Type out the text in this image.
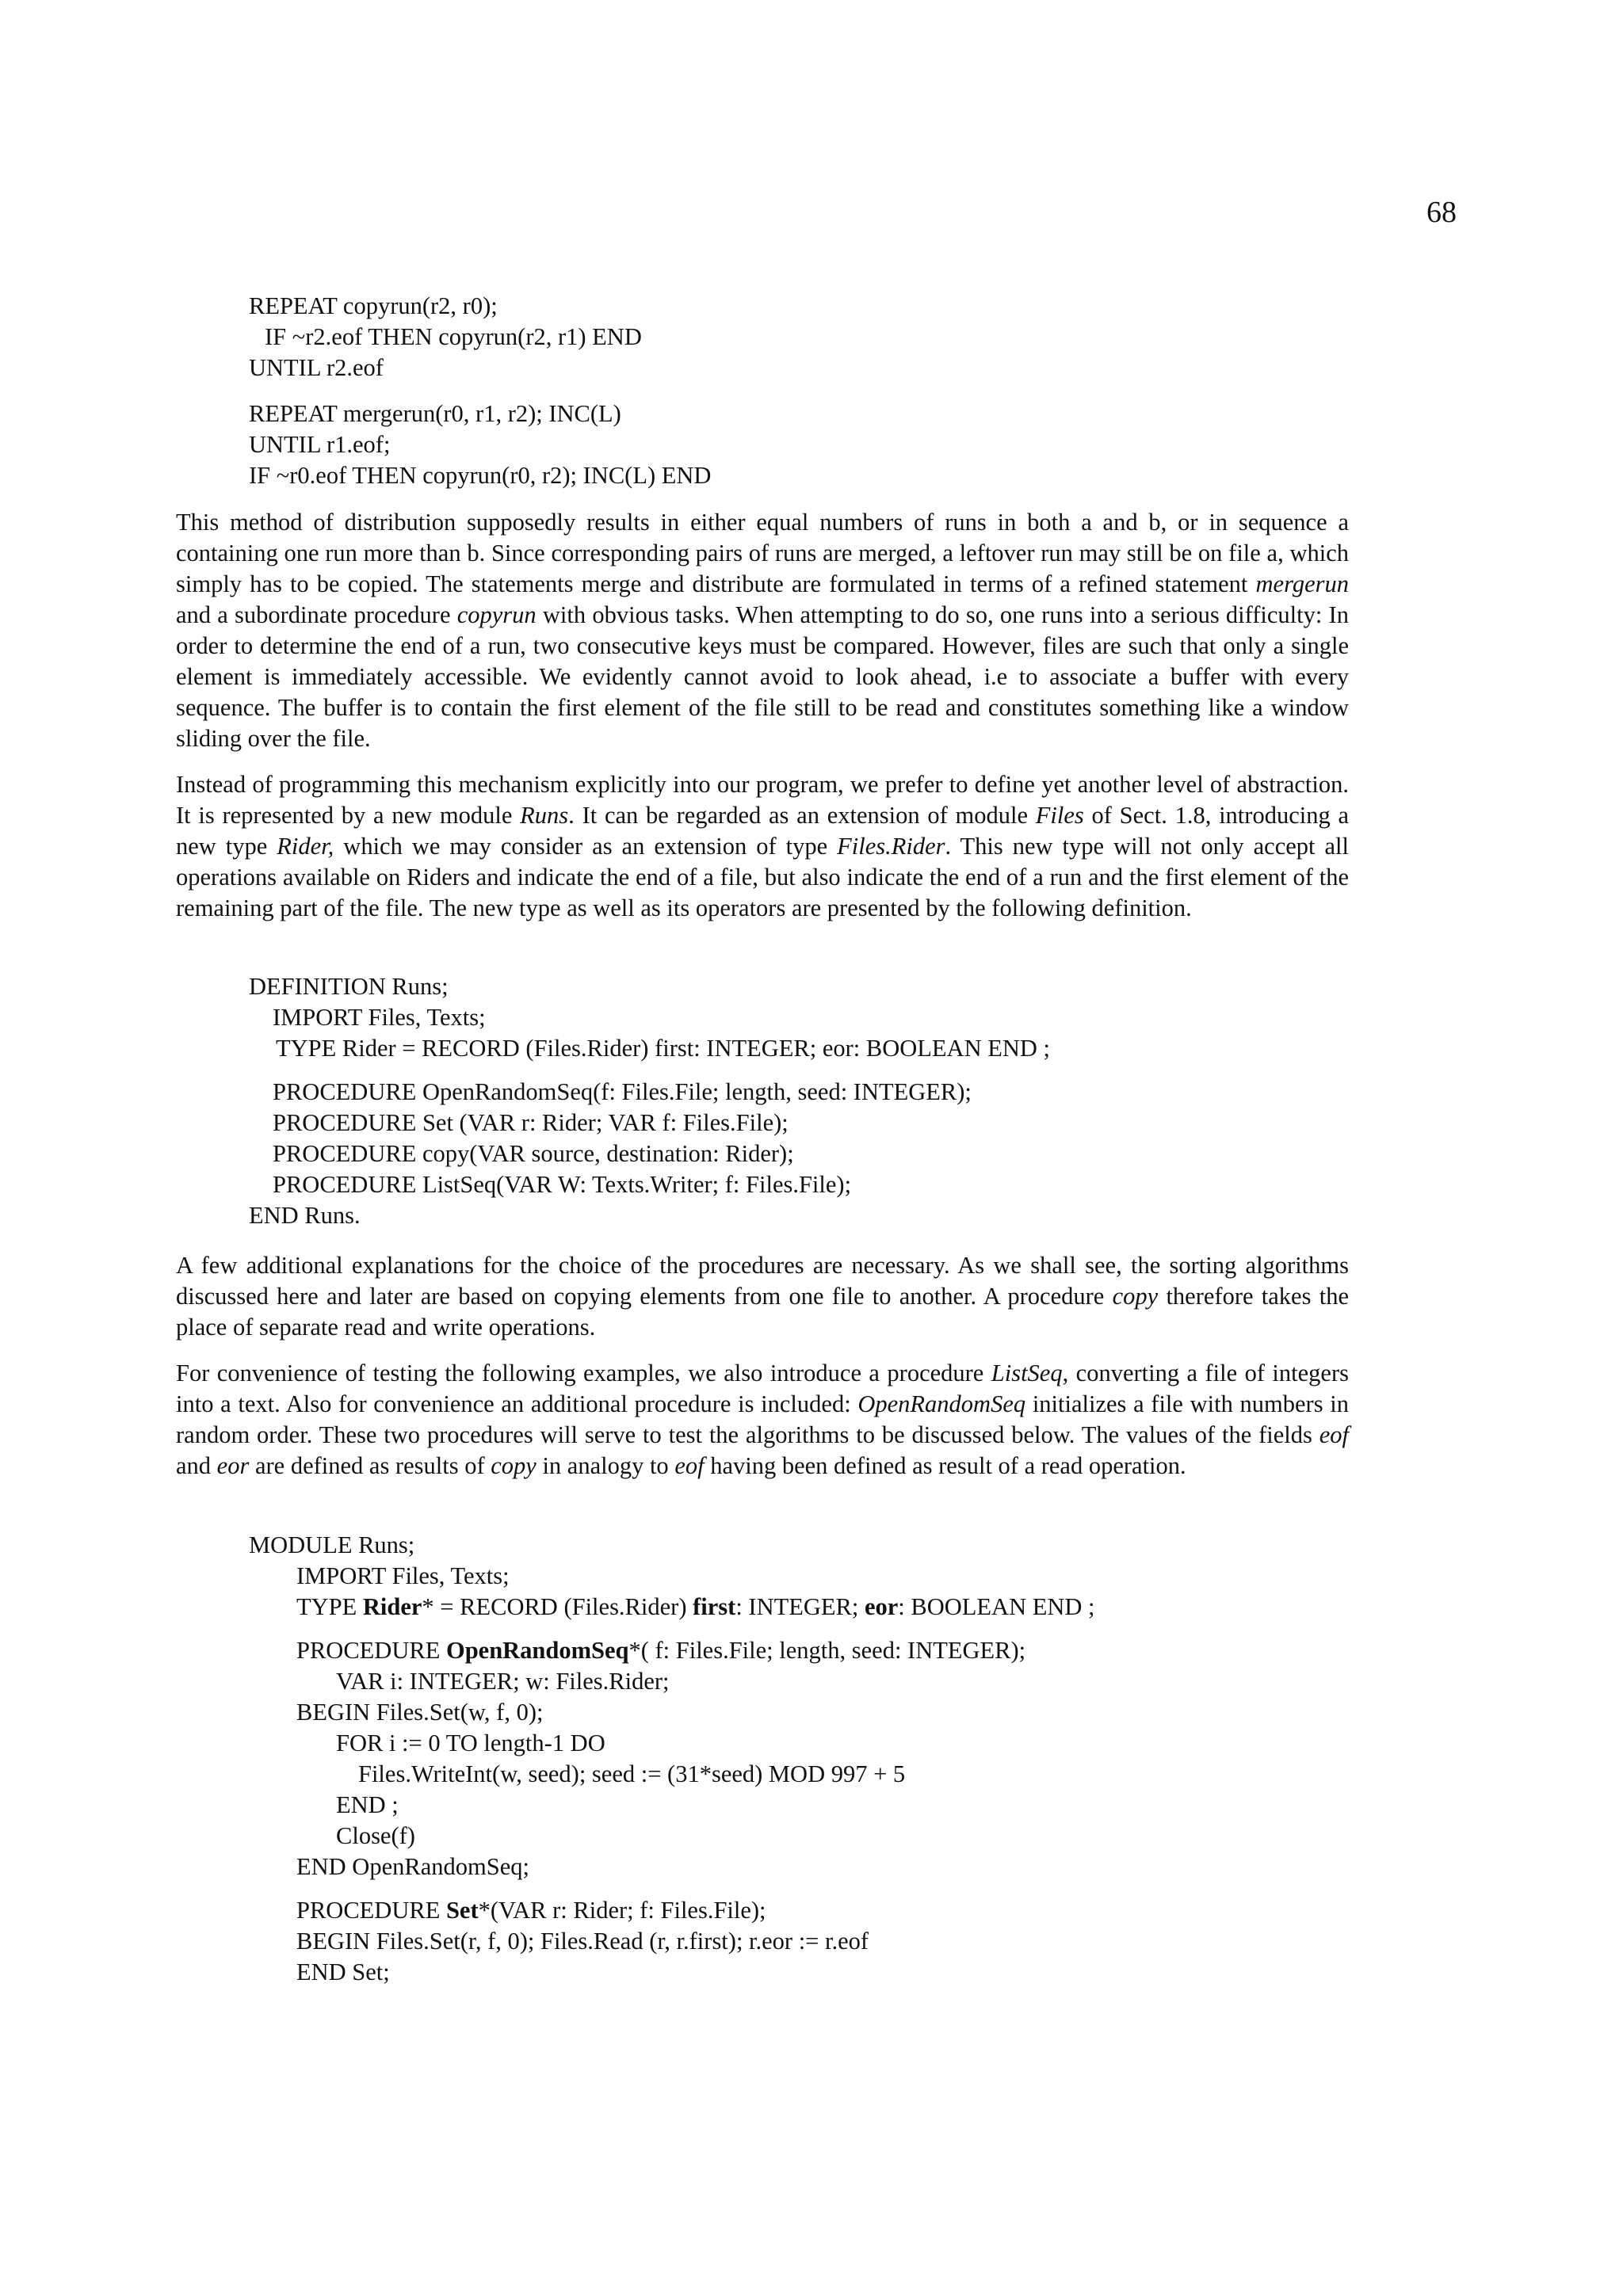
68
REPEAT copyrun(r2, r0);
IF ~r2.eof THEN copyrun(r2, r1) END
UNTIL r2.eof
REPEAT mergerun(r0, r1, r2); INC(L)
UNTIL r1.eof;
IF ~r0.eof THEN copyrun(r0, r2); INC(L) END

This method of distribution supposedly results in either equal numbers of runs in both a and b, or in sequence a containing one run more than b. Since corresponding pairs of runs are merged, a leftover run may still be on file a, which simply has to be copied. The statements merge and distribute are formulated in terms of a refined statement mergerun and a subordinate procedure copyrun with obvious tasks. When attempting to do so, one runs into a serious difficulty: In order to determine the end of a run, two consecutive keys must be compared. However, files are such that only a single element is immediately accessible. We evidently cannot avoid to look ahead, i.e to associate a buffer with every sequence. The buffer is to contain the first element of the file still to be read and constitutes something like a window sliding over the file.

Instead of programming this mechanism explicitly into our program, we prefer to define yet another level of abstraction. It is represented by a new module Runs. It can be regarded as an extension of module Files of Sect. 1.8, introducing a new type Rider, which we may consider as an extension of type Files.Rider. This new type will not only accept all operations available on Riders and indicate the end of a file, but also indicate the end of a run and the first element of the remaining part of the file. The new type as well as its operators are presented by the following definition.

DEFINITION Runs;
IMPORT Files, Texts;
TYPE Rider = RECORD (Files.Rider) first: INTEGER; eor: BOOLEAN END ;
PROCEDURE OpenRandomSeq(f: Files.File; length, seed: INTEGER);
PROCEDURE Set (VAR r: Rider; VAR f: Files.File);
PROCEDURE copy(VAR source, destination: Rider);
PROCEDURE ListSeq(VAR W: Texts.Writer; f: Files.File);
END Runs.

A few additional explanations for the choice of the procedures are necessary. As we shall see, the sorting algorithms discussed here and later are based on copying elements from one file to another. A procedure copy therefore takes the place of separate read and write operations.

For convenience of testing the following examples, we also introduce a procedure ListSeq, converting a file of integers into a text. Also for convenience an additional procedure is included: OpenRandomSeq initializes a file with numbers in random order. These two procedures will serve to test the algorithms to be discussed below. The values of the fields eof and eor are defined as results of copy in analogy to eof having been defined as result of a read operation.

MODULE Runs;
IMPORT Files, Texts;
TYPE Rider* = RECORD (Files.Rider) first: INTEGER; eor: BOOLEAN END ;
PROCEDURE OpenRandomSeq*( f: Files.File; length, seed: INTEGER);
VAR i: INTEGER; w: Files.Rider;
BEGIN Files.Set(w, f, 0);
FOR i := 0 TO length-1 DO
Files.WriteInt(w, seed); seed := (31*seed) MOD 997 + 5
END ;
Close(f)
END OpenRandomSeq;
PROCEDURE Set*(VAR r: Rider; f: Files.File);
BEGIN Files.Set(r, f, 0); Files.Read (r, r.first); r.eor := r.eof
END Set;
